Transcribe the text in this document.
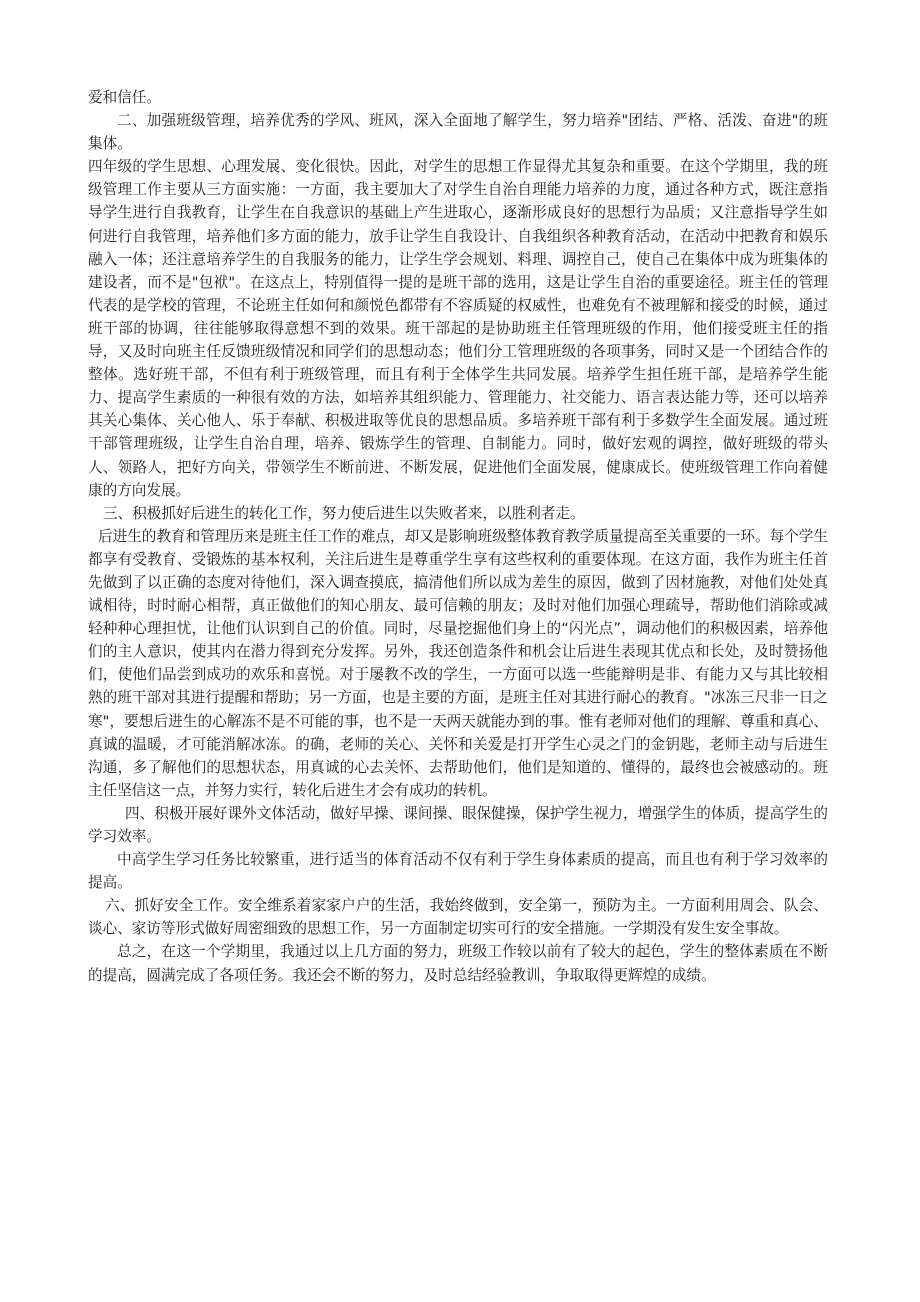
爱和信任。

二、加强班级管理，培养优秀的学风、班风，深入全面地了解学生，努力培养"团结、严格、活泼、奋进"的班集体。

四年级的学生思想、心理发展、变化很快。因此，对学生的思想工作显得尤其复杂和重要。在这个学期里，我的班级管理工作主要从三方面实施：一方面，我主要加大了对学生自治自理能力培养的力度，通过各种方式，既注意指导学生进行自我教育，让学生在自我意识的基础上产生进取心，逐渐形成良好的思想行为品质；又注意指导学生如何进行自我管理，培养他们多方面的能力，放手让学生自我设计、自我组织各种教育活动，在活动中把教育和娱乐融入一体；还注意培养学生的自我服务的能力，让学生学会规划、料理、调控自己，使自己在集体中成为班集体的建设者，而不是"包袱"。在这点上，特别值得一提的是班干部的选用，这是让学生自治的重要途径。班主任的管理代表的是学校的管理，不论班主任如何和颜悦色都带有不容质疑的权威性，也难免有不被理解和接受的时候，通过班干部的协调，往往能够取得意想不到的效果。班干部起的是协助班主任管理班级的作用，他们接受班主任的指导，又及时向班主任反馈班级情况和同学们的思想动态；他们分工管理班级的各项事务，同时又是一个团结合作的整体。选好班干部，不但有利于班级管理，而且有利于全体学生共同发展。培养学生担任班干部，是培养学生能力、提高学生素质的一种很有效的方法，如培养其组织能力、管理能力、社交能力、语言表达能力等，还可以培养其关心集体、关心他人、乐于奉献、积极进取等优良的思想品质。多培养班干部有利于多数学生全面发展。通过班干部管理班级，让学生自治自理，培养、锻炼学生的管理、自制能力。同时，做好宏观的调控，做好班级的带头人、领路人，把好方向关，带领学生不断前进、不断发展，促进他们全面发展，健康成长。使班级管理工作向着健康的方向发展。

三、积极抓好后进生的转化工作，努力使后进生以失败者来，以胜利者走。

后进生的教育和管理历来是班主任工作的难点，却又是影响班级整体教育教学质量提高至关重要的一环。每个学生都享有受教育、受锻炼的基本权利，关注后进生是尊重学生享有这些权利的重要体现。在这方面，我作为班主任首先做到了以正确的态度对待他们，深入调查摸底，搞清他们所以成为差生的原因，做到了因材施教，对他们处处真诚相待，时时耐心相帮，真正做他们的知心朋友、最可信赖的朋友；及时对他们加强心理疏导，帮助他们消除或减轻种种心理担忧，让他们认识到自己的价值。同时，尽量挖掘他们身上的“闪光点”，调动他们的积极因素，培养他们的主人意识，使其内在潜力得到充分发挥。另外，我还创造条件和机会让后进生表现其优点和长处，及时赞扬他们，使他们品尝到成功的欢乐和喜悦。对于屡教不改的学生，一方面可以选一些能辩明是非、有能力又与其比较相熟的班干部对其进行提醒和帮助；另一方面，也是主要的方面，是班主任对其进行耐心的教育。"冰冻三尺非一日之寒"，要想后进生的心解冻不是不可能的事，也不是一天两天就能办到的事。惟有老师对他们的理解、尊重和真心、真诚的温暖，才可能消解冰冻。的确，老师的关心、关怀和关爱是打开学生心灵之门的金钥匙，老师主动与后进生沟通，多了解他们的思想状态，用真诚的心去关怀、去帮助他们，他们是知道的、懂得的，最终也会被感动的。班主任坚信这一点，并努力实行，转化后进生才会有成功的转机。

四、积极开展好课外文体活动，做好早操、课间操、眼保健操，保护学生视力，增强学生的体质，提高学生的学习效率。

中高学生学习任务比较繁重，进行适当的体育活动不仅有利于学生身体素质的提高，而且也有利于学习效率的提高。

六、抓好安全工作。安全维系着家家户户的生活，我始终做到，安全第一，预防为主。一方面利用周会、队会、谈心、家访等形式做好周密细致的思想工作，另一方面制定切实可行的安全措施。一学期没有发生安全事故。

总之，在这一个学期里，我通过以上几方面的努力，班级工作较以前有了较大的起色，学生的整体素质在不断的提高，圆满完成了各项任务。我还会不断的努力，及时总结经验教训，争取取得更辉煌的成绩。
